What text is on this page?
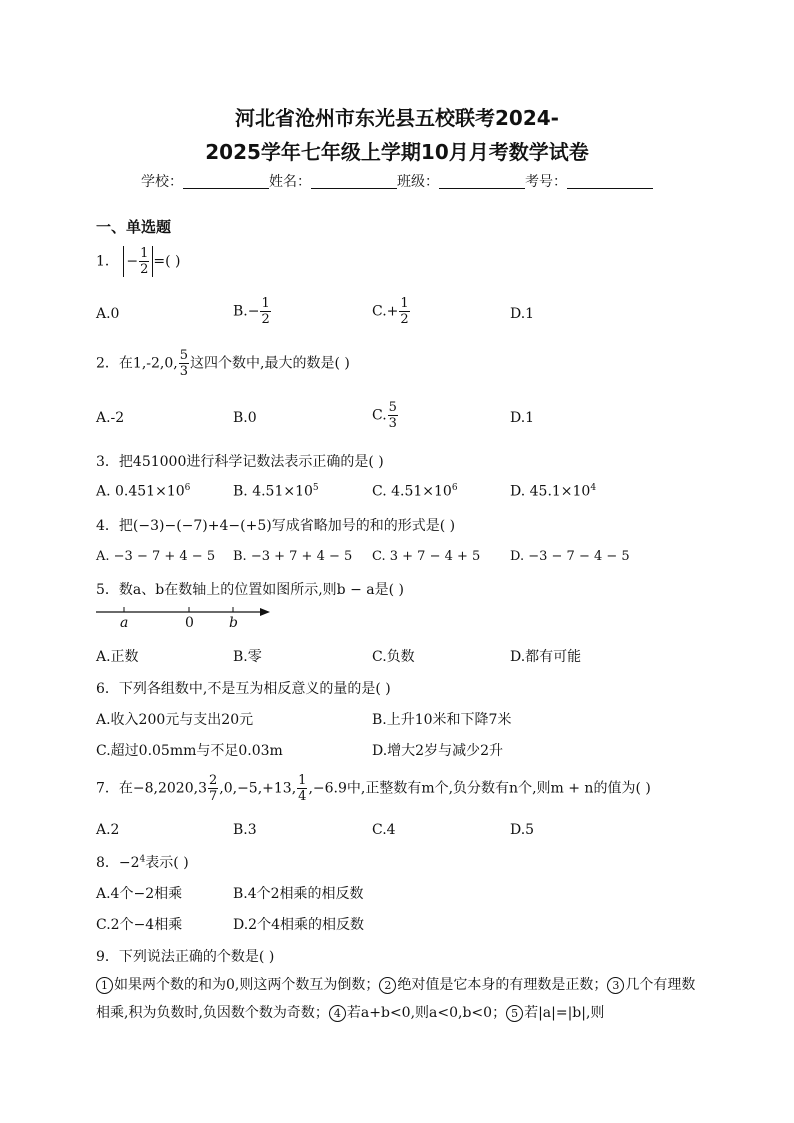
河北省沧州市东光县五校联考2024-
2025学年七年级上学期10月月考数学试卷
学校：	姓名：	班级：	考号：
一、单选题
1． − $\frac{1}{2}$ =( )
A.0	$B.- \frac{1}{2}$	$C.+ \frac{1}{2}$	D.1
2．在1,-2,0, $\frac{5}{3}$ 这四个数中,最大的数是( )
A.-2	B.0	C. $\frac{5}{3}$	D.1
3．把451000进行科学记数法表示正确的是( )
A. $0.451\times 10^6$	B. $4.51\times 10^5$	C. $4.51\times 10^6$	D. $45.1\times 10^4$
4．把(−3)−(−7)+4−(+5)写成省略加号的和的形式是( )
A. −3 − 7 + 4 − 5 B. −3 + 7 + 4 − 5 C. 3 + 7 − 4 + 5 D. −3 − 7 − 4 − 5
5．数a、b在数轴上的位置如图所示,则b − a是( )
a	0	b
A.正数	B.零	C.负数	D.都有可能
6．下列各组数中,不是互为相反意义的量的是( )
A.收入200元与支出20元	B.上升10米和下降7米
C.超过0.05mm与不足0.03m	D.增大2岁与减少2升
7．在$-8,2020,3 \frac{2}{7} ,0,-5,+13$, $\frac{1}{4} ,-6.9$中,正整数有m个,负分数有n个,则m + n的值为( )
A.2	B.3	C.4	D.5
8．$-2^4$表示( )
A.4个−2相乘	B.4个2相乘的相反数
C.2个−4相乘	D.2个4相乘的相反数
9．下列说法正确的个数是( )
1 如果两个数的和为0,则这两个数互为倒数； 2 绝对值是它本身的有理数是正数； 3 几个有理数相乘,积为负数时,负因数个数为奇数； 4 若a+b<0,则a<0,b<0； 5 若|a|=|b|,则
